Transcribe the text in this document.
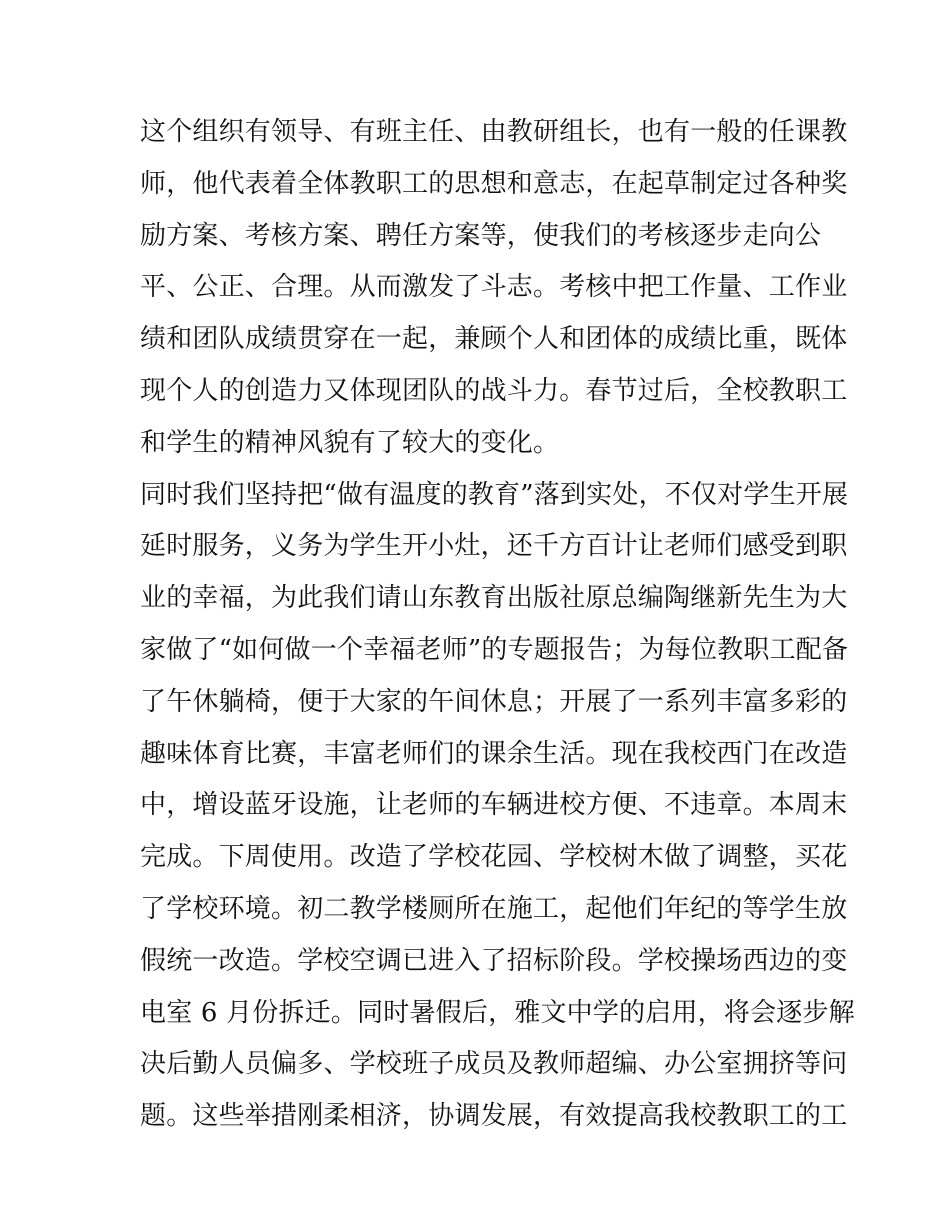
这个组织有领导、有班主任、由教研组长，也有一般的任课教
师，他代表着全体教职工的思想和意志，在起草制定过各种奖
励方案、考核方案、聘任方案等，使我们的考核逐步走向公
平、公正、合理。从而激发了斗志。考核中把工作量、工作业
绩和团队成绩贯穿在一起，兼顾个人和团体的成绩比重，既体
现个人的创造力又体现团队的战斗力。春节过后，全校教职工
和学生的精神风貌有了较大的变化。
同时我们坚持把“做有温度的教育”落到实处，不仅对学生开展
延时服务，义务为学生开小灶，还千方百计让老师们感受到职
业的幸福，为此我们请山东教育出版社原总编陶继新先生为大
家做了“如何做一个幸福老师”的专题报告；为每位教职工配备
了午休躺椅，便于大家的午间休息；开展了一系列丰富多彩的
趣味体育比赛，丰富老师们的课余生活。现在我校西门在改造
中，增设蓝牙设施，让老师的车辆进校方便、不违章。本周末
完成。下周使用。改造了学校花园、学校树木做了调整，买花
了学校环境。初二教学楼厕所在施工，起他们年纪的等学生放
假统一改造。学校空调已进入了招标阶段。学校操场西边的变
电室 6 月份拆迁。同时暑假后，雅文中学的启用，将会逐步解
决后勤人员偏多、学校班子成员及教师超编、办公室拥挤等问
题。这些举措刚柔相济，协调发展，有效提高我校教职工的工
